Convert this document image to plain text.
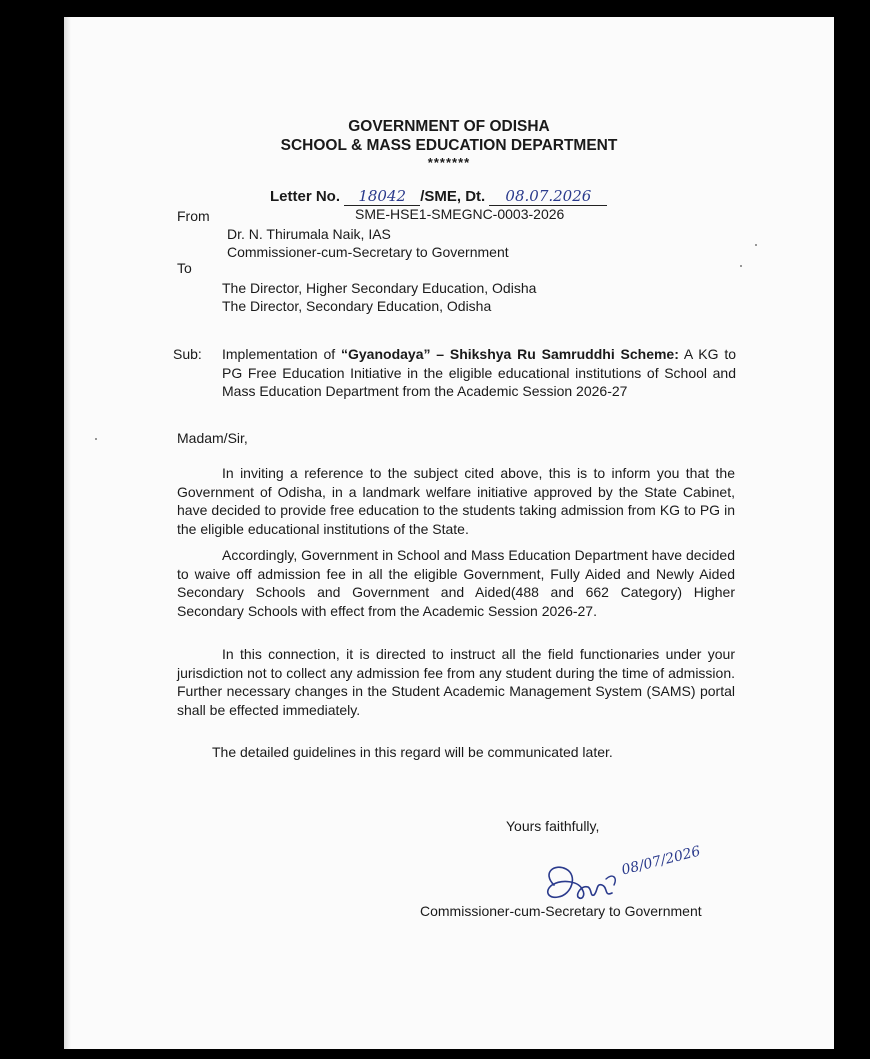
GOVERNMENT OF ODISHA
SCHOOL & MASS EDUCATION DEPARTMENT
*******
Letter No. 18042 /SME, Dt. 08.07.2026
SME-HSE1-SMEGNC-0003-2026
From
Dr. N. Thirumala Naik, IAS
Commissioner-cum-Secretary to Government
To
The Director, Higher Secondary Education, Odisha
The Director, Secondary Education, Odisha
Sub: Implementation of “Gyanodaya” – Shikshya Ru Samruddhi Scheme: A KG to PG Free Education Initiative in the eligible educational institutions of School and Mass Education Department from the Academic Session 2026-27
Madam/Sir,
In inviting a reference to the subject cited above, this is to inform you that the Government of Odisha, in a landmark welfare initiative approved by the State Cabinet, have decided to provide free education to the students taking admission from KG to PG in the eligible educational institutions of the State.
Accordingly, Government in School and Mass Education Department have decided to waive off admission fee in all the eligible Government, Fully Aided and Newly Aided Secondary Schools and Government and Aided(488 and 662 Category) Higher Secondary Schools with effect from the Academic Session 2026-27.
In this connection, it is directed to instruct all the field functionaries under your jurisdiction not to collect any admission fee from any student during the time of admission. Further necessary changes in the Student Academic Management System (SAMS) portal shall be effected immediately.
The detailed guidelines in this regard will be communicated later.
Yours faithfully,
Commissioner-cum-Secretary to Government
08/07/2026
